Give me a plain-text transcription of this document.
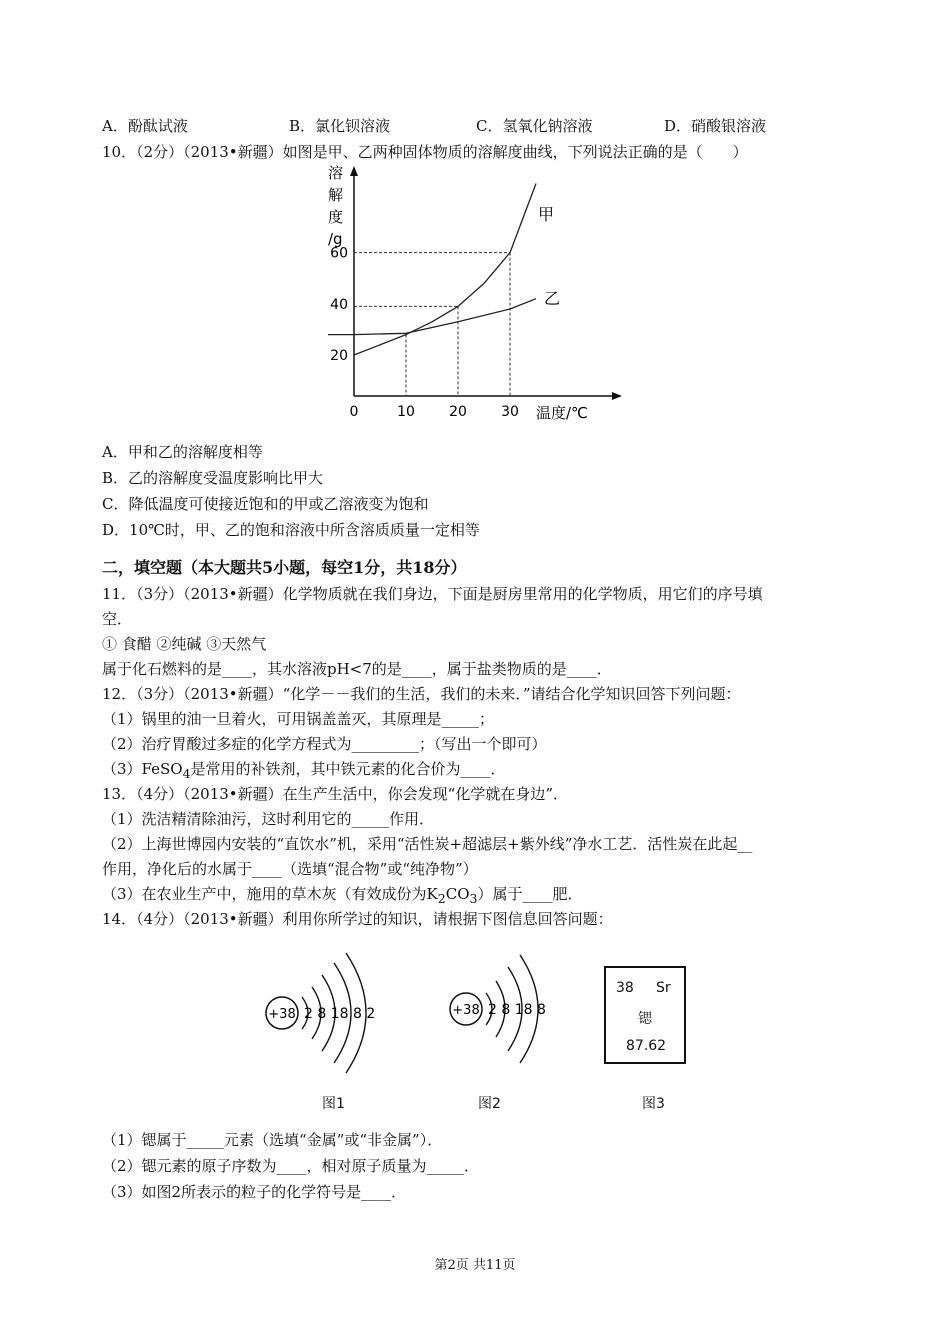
A．酚酞试液	B．氯化钡溶液	C．氢氧化钠溶液	D．硝酸银溶液
10．（2分）（2013•新疆）如图是甲、乙两种固体物质的溶解度曲线，下列说法正确的是（　　）
0	10 20 30
20
40
60
溶
解
度
/g
温度/℃
甲
乙
A．甲和乙的溶解度相等
B．乙的溶解度受温度影响比甲大
C．降低温度可使接近饱和的甲或乙溶液变为饱和
D．10℃时，甲、乙的饱和溶液中所含溶质质量一定相等
二，填空题（本大题共5小题，每空1分，共18分）
11．（3分）（2013•新疆）化学物质就在我们身边，下面是厨房里常用的化学物质，用它们的序号填
空．
① 食醋 ②纯碱 ③天然气
属于化石燃料的是____，其水溶液pH<7的是____，属于盐类物质的是____．
12．（3分）（2013•新疆）“化学－－我们的生活，我们的未来．”请结合化学知识回答下列问题：
（1）锅里的油一旦着火，可用锅盖盖灭，其原理是_____；
（2）治疗胃酸过多症的化学方程式为_________；（写出一个即可）
（3）FeSO$_4$是常用的补铁剂，其中铁元素的化合价为____．
13．（4分）（2013•新疆）在生产生活中，你会发现“化学就在身边”．
（1）洗洁精清除油污，这时利用它的_____作用．
（2）上海世博园内安装的“直饮水”机，采用“活性炭+超滤层+紫外线”净水工艺．活性炭在此起__
作用，净化后的水属于____（选填“混合物”或“纯净物”）
（3）在农业生产中，施用的草木灰（有效成份为$K_2CO_3$）属于____肥．
14．（4分）（2013•新疆）利用你所学过的知识，请根据下图信息回答问题：
+38 2 8 18 8 2	+38 2 8 18 8
38 Sr
锶
87.62
图1	图2	图3
（1）锶属于_____元素（选填“金属”或“非金属”）．
（2）锶元素的原子序数为____，相对原子质量为_____．
（3）如图2所表示的粒子的化学符号是____．
第2页 共11页
